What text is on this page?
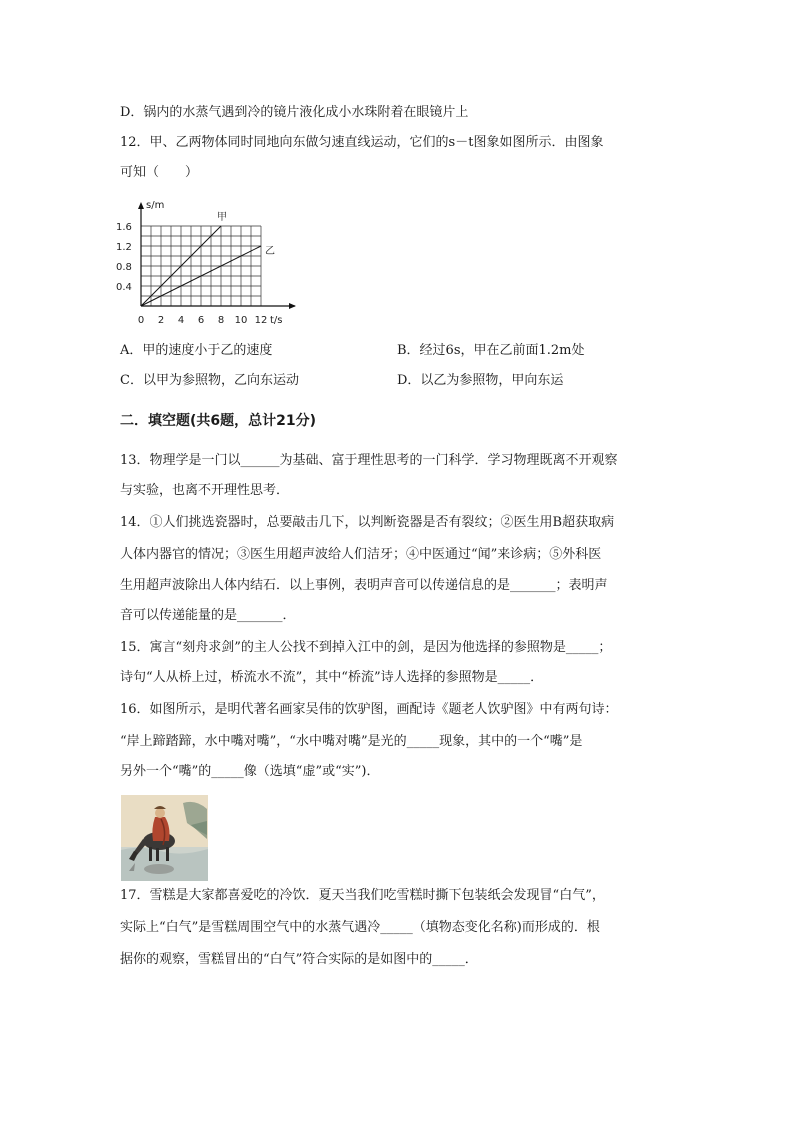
D．锅内的水蒸气遇到冷的镜片液化成小水珠附着在眼镜片上
12．甲、乙两物体同时同地向东做匀速直线运动，它们的s－t图象如图所示．由图象
可知（　　）
甲
乙
0 2 4 6 8 10 12
0.4
0.8
1.2
1.6
t/s
s/m
A．甲的速度小于乙的速度	B．经过6s，甲在乙前面1.2m处
C．以甲为参照物，乙向东运动	D．以乙为参照物，甲向东运
二．填空题(共6题，总计21分)
13．物理学是一门以______为基础、富于理性思考的一门科学．学习物理既离不开观察
与实验，也离不开理性思考．
14．①人们挑选瓷器时，总要敲击几下，以判断瓷器是否有裂纹；②医生用B超获取病
人体内器官的情况；③医生用超声波给人们洁牙；④中医通过“闻”来诊病；⑤外科医
生用超声波除出人体内结石．以上事例，表明声音可以传递信息的是_______；表明声
音可以传递能量的是_______．
15．寓言“刻舟求剑”的主人公找不到掉入江中的剑，是因为他选择的参照物是_____；
诗句“人从桥上过，桥流水不流”，其中“桥流”诗人选择的参照物是_____．
16．如图所示，是明代著名画家吴伟的饮驴图，画配诗《题老人饮驴图》中有两句诗：
“岸上蹄踏蹄，水中嘴对嘴”，“水中嘴对嘴”是光的_____现象，其中的一个“嘴”是
另外一个“嘴”的_____像（选填“虚”或“实”)．
17．雪糕是大家都喜爱吃的冷饮．夏天当我们吃雪糕时撕下包装纸会发现冒“白气”，
实际上“白气”是雪糕周围空气中的水蒸气遇冷_____（填物态变化名称)而形成的．根
据你的观察，雪糕冒出的“白气”符合实际的是如图中的_____．
